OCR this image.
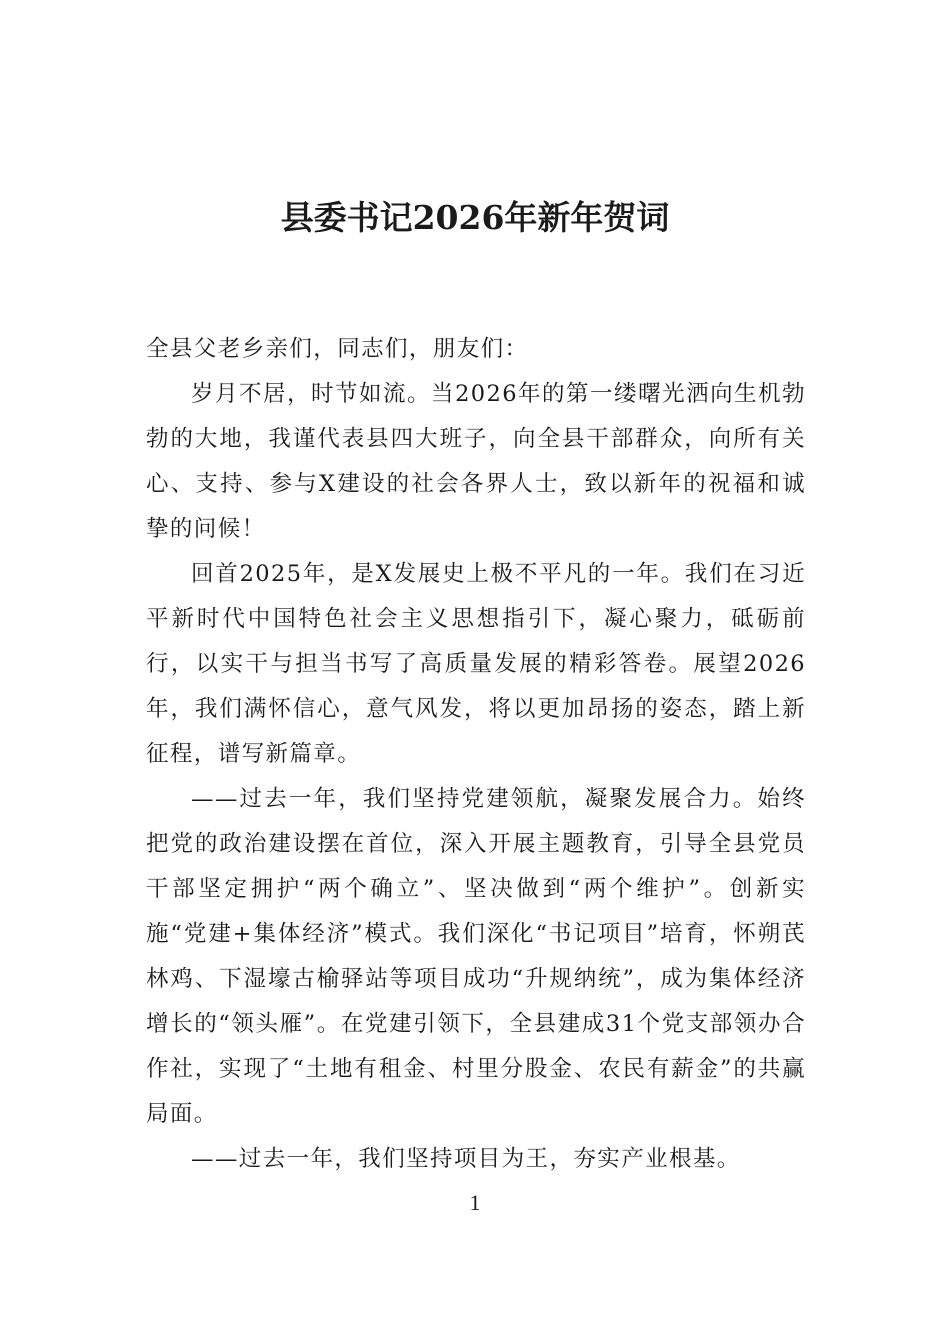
县委书记2026年新年贺词

全县父老乡亲们，同志们，朋友们：

岁月不居，时节如流。当2026年的第一缕曙光洒向生机勃勃的大地，我谨代表县四大班子，向全县干部群众，向所有关心、支持、参与X建设的社会各界人士，致以新年的祝福和诚挚的问候！

回首2025年，是X发展史上极不平凡的一年。我们在习近平新时代中国特色社会主义思想指引下，凝心聚力，砥砺前行，以实干与担当书写了高质量发展的精彩答卷。展望2026年，我们满怀信心，意气风发，将以更加昂扬的姿态，踏上新征程，谱写新篇章。

——过去一年，我们坚持党建领航，凝聚发展合力。始终把党的政治建设摆在首位，深入开展主题教育，引导全县党员干部坚定拥护“两个确立”、坚决做到“两个维护”。创新实施“党建+集体经济”模式。我们深化“书记项目”培育，怀朔芪林鸡、下湿壕古榆驿站等项目成功“升规纳统”，成为集体经济增长的“领头雁”。在党建引领下，全县建成31个党支部领办合作社，实现了“土地有租金、村里分股金、农民有薪金”的共赢局面。

——过去一年，我们坚持项目为王，夯实产业根基。

1
